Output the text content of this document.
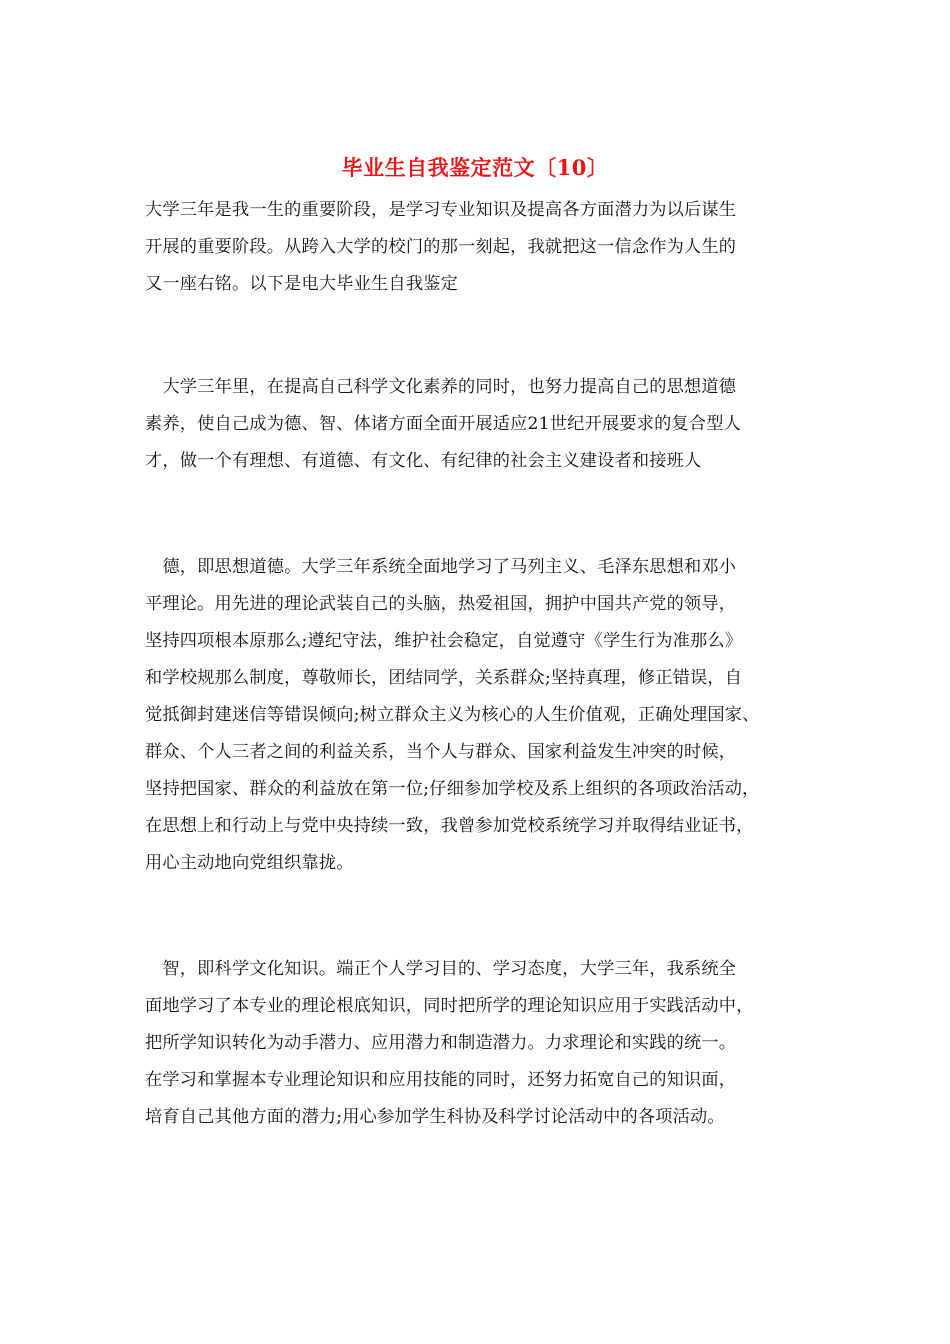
毕业生自我鉴定范文〔10〕
大学三年是我一生的重要阶段，是学习专业知识及提高各方面潜力为以后谋生
开展的重要阶段。从跨入大学的校门的那一刻起，我就把这一信念作为人生的
又一座右铭。以下是电大毕业生自我鉴定
　大学三年里，在提高自己科学文化素养的同时，也努力提高自己的思想道德
素养，使自己成为德、智、体诸方面全面开展适应21世纪开展要求的复合型人
才，做一个有理想、有道德、有文化、有纪律的社会主义建设者和接班人
　德，即思想道德。大学三年系统全面地学习了马列主义、毛泽东思想和邓小
平理论。用先进的理论武装自己的头脑，热爱祖国，拥护中国共产党的领导，
坚持四项根本原那么;遵纪守法，维护社会稳定，自觉遵守《学生行为准那么》
和学校规那么制度，尊敬师长，团结同学，关系群众;坚持真理，修正错误，自
觉抵御封建迷信等错误倾向;树立群众主义为核心的人生价值观，正确处理国家、
群众、个人三者之间的利益关系，当个人与群众、国家利益发生冲突的时候，
坚持把国家、群众的利益放在第一位;仔细参加学校及系上组织的各项政治活动，
在思想上和行动上与党中央持续一致，我曾参加党校系统学习并取得结业证书，
用心主动地向党组织靠拢。
　智，即科学文化知识。端正个人学习目的、学习态度，大学三年，我系统全
面地学习了本专业的理论根底知识，同时把所学的理论知识应用于实践活动中，
把所学知识转化为动手潜力、应用潜力和制造潜力。力求理论和实践的统一。
在学习和掌握本专业理论知识和应用技能的同时，还努力拓宽自己的知识面，
培育自己其他方面的潜力;用心参加学生科协及科学讨论活动中的各项活动。
